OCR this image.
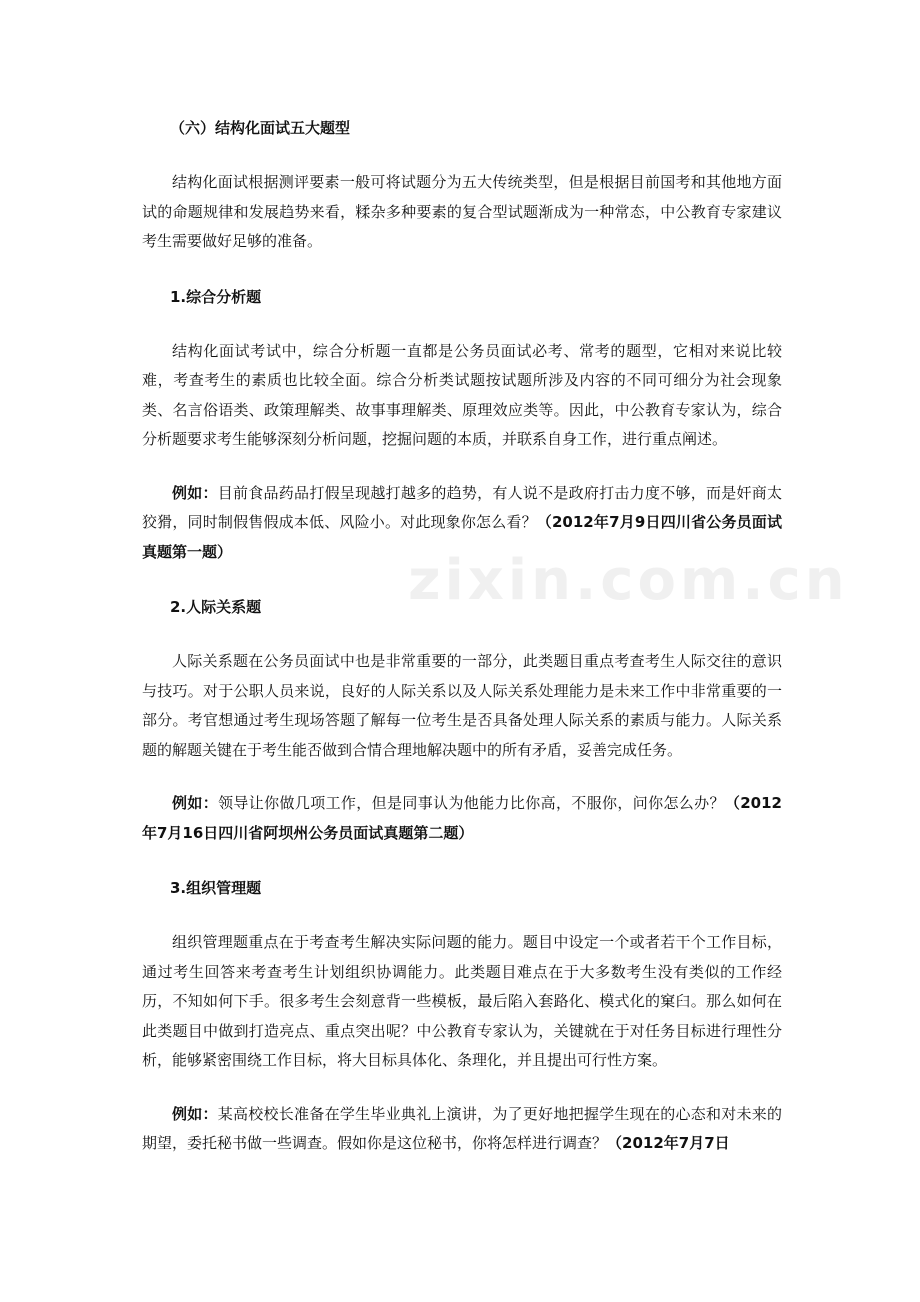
zixin.com.cn
（六）结构化面试五大题型

结构化面试根据测评要素一般可将试题分为五大传统类型，但是根据目前国考和其他地方面试的命题规律和发展趋势来看，糅杂多种要素的复合型试题渐成为一种常态，中公教育专家建议考生需要做好足够的准备。

1.综合分析题

结构化面试考试中，综合分析题一直都是公务员面试必考、常考的题型，它相对来说比较难，考查考生的素质也比较全面。综合分析类试题按试题所涉及内容的不同可细分为社会现象类、名言俗语类、政策理解类、故事事理解类、原理效应类等。因此，中公教育专家认为，综合分析题要求考生能够深刻分析问题，挖掘问题的本质，并联系自身工作，进行重点阐述。

例如：目前食品药品打假呈现越打越多的趋势，有人说不是政府打击力度不够，而是奸商太狡猾，同时制假售假成本低、风险小。对此现象你怎么看？（2012年7月9日四川省公务员面试真题第一题）

2.人际关系题

人际关系题在公务员面试中也是非常重要的一部分，此类题目重点考查考生人际交往的意识与技巧。对于公职人员来说，良好的人际关系以及人际关系处理能力是未来工作中非常重要的一部分。考官想通过考生现场答题了解每一位考生是否具备处理人际关系的素质与能力。人际关系题的解题关键在于考生能否做到合情合理地解决题中的所有矛盾，妥善完成任务。

例如：领导让你做几项工作，但是同事认为他能力比你高，不服你，问你怎么办？（2012年7月16日四川省阿坝州公务员面试真题第二题）

3.组织管理题

组织管理题重点在于考查考生解决实际问题的能力。题目中设定一个或者若干个工作目标，通过考生回答来考查考生计划组织协调能力。此类题目难点在于大多数考生没有类似的工作经历，不知如何下手。很多考生会刻意背一些模板，最后陷入套路化、模式化的窠臼。那么如何在此类题目中做到打造亮点、重点突出呢？中公教育专家认为，关键就在于对任务目标进行理性分析，能够紧密围绕工作目标，将大目标具体化、条理化，并且提出可行性方案。

例如：某高校校长准备在学生毕业典礼上演讲，为了更好地把握学生现在的心态和对未来的期望，委托秘书做一些调查。假如你是这位秘书，你将怎样进行调查？（2012年7月7日
